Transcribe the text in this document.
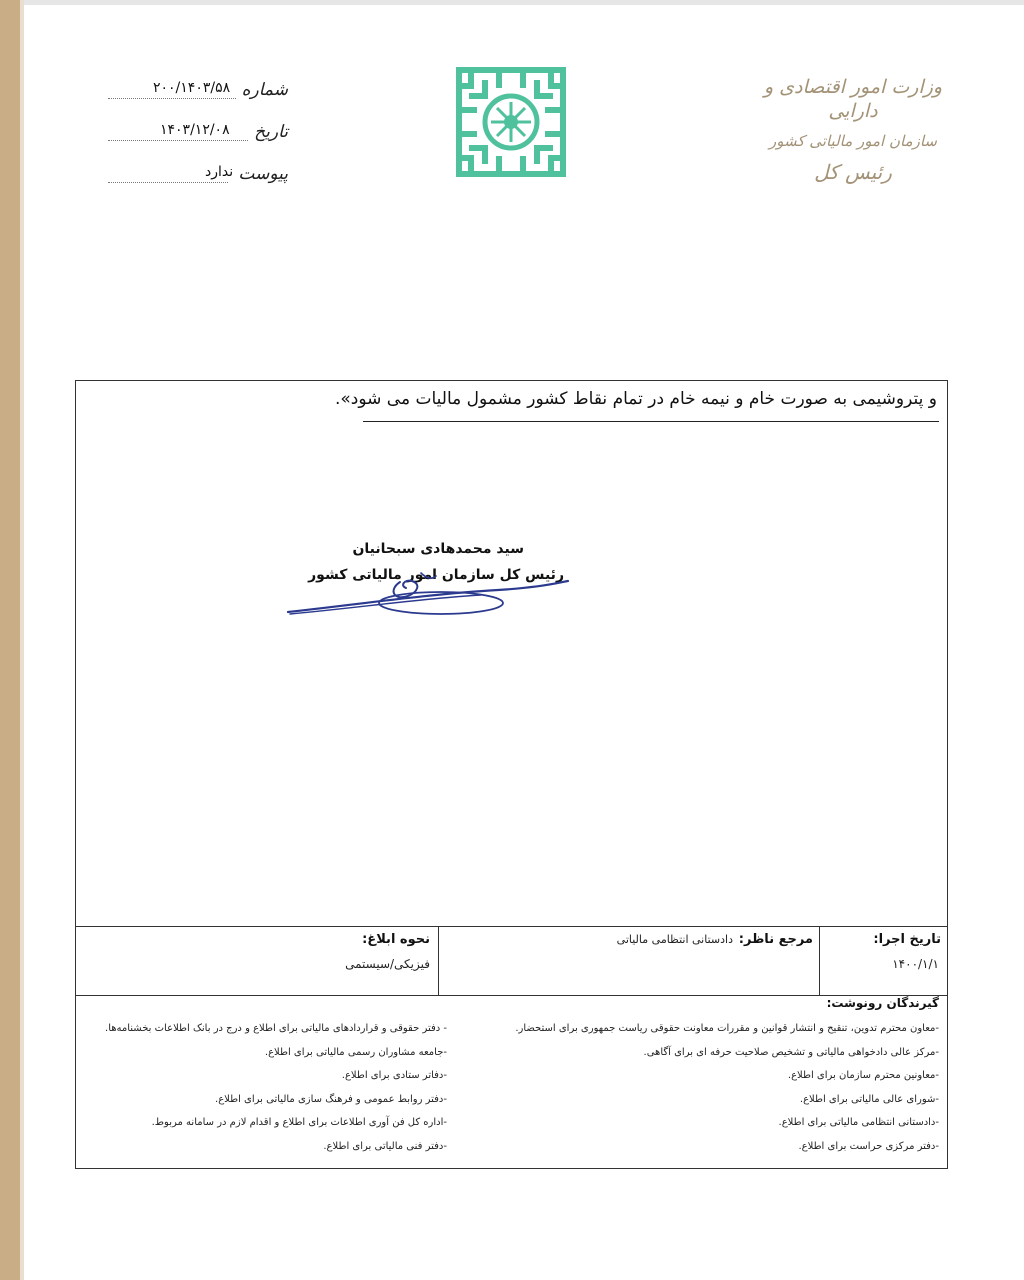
وزارت امور اقتصادی و دارایی
سازمان امور مالیاتی کشور
رئیس کل
شماره
۲۰۰/۱۴۰۳/۵۸
تاریخ
۱۴۰۳/۱۲/۰۸
پیوست
ندارد
و پتروشیمی به صورت خام و نیمه خام در تمام نقاط کشور مشمول مالیات می شود».
سید محمدهادی سبحانیان
رئیس کل سازمان امور مالیاتی کشور
تاریخ اجرا:
۱۴۰۰/۱/۱
مرجع ناظر:
دادستانی انتظامی مالیاتی
نحوه ابلاغ:
فیزیکی/سیستمی
گیرندگان رونوشت:
-معاون محترم تدوین، تنقیح و انتشار قوانین و مقررات معاونت حقوقی ریاست جمهوری برای استحضار.
-مرکز عالی دادخواهی مالیاتی و تشخیص صلاحیت حرفه ای برای آگاهی.
-معاونین محترم سازمان برای اطلاع.
-شورای عالی مالیاتی برای اطلاع.
-دادستانی انتظامی مالیاتی برای اطلاع.
-دفتر مرکزی حراست برای اطلاع.
- دفتر حقوقی و قراردادهای مالیاتی برای اطلاع و درج در بانک اطلاعات بخشنامه‌ها.
-جامعه مشاوران رسمی مالیاتی برای اطلاع.
-دفاتر ستادی برای اطلاع.
-دفتر روابط عمومی و فرهنگ سازی مالیاتی برای اطلاع.
-اداره کل فن آوری اطلاعات برای اطلاع و اقدام لازم در سامانه مربوط.
-دفتر فنی مالیاتی برای اطلاع.
